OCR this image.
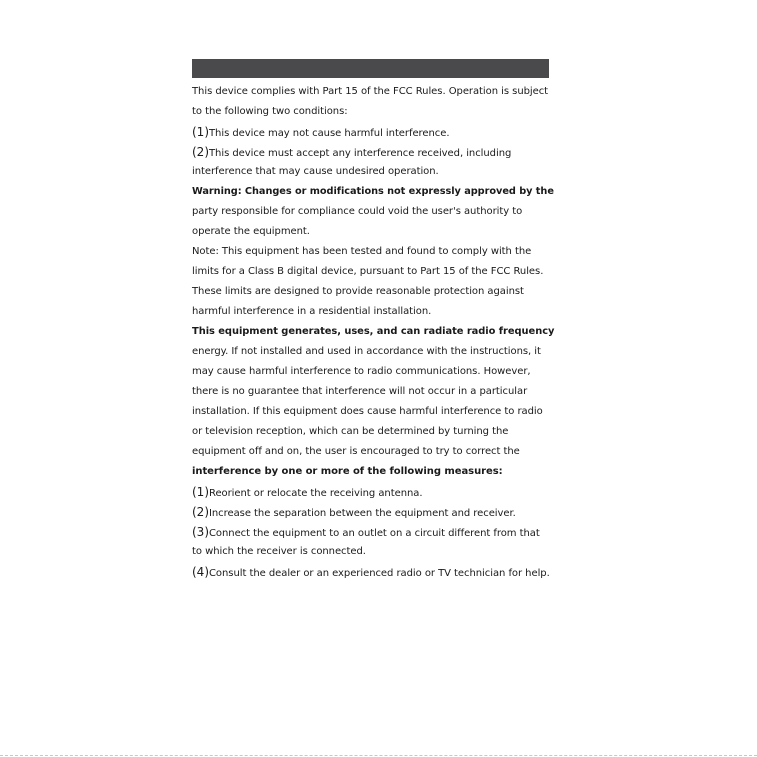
This device complies with Part 15 of the FCC Rules. Operation is subject
to the following two conditions:
(1)This device may not cause harmful interference.
(2)This device must accept any interference received, including
interference that may cause undesired operation.
Warning: Changes or modifications not expressly approved by the
party responsible for compliance could void the user's authority to
operate the equipment.
Note: This equipment has been tested and found to comply with the
limits for a Class B digital device, pursuant to Part 15 of the FCC Rules.
These limits are designed to provide reasonable protection against
harmful interference in a residential installation.
This equipment generates, uses, and can radiate radio frequency
energy. If not installed and used in accordance with the instructions, it
may cause harmful interference to radio communications. However,
there is no guarantee that interference will not occur in a particular
installation. If this equipment does cause harmful interference to radio
or television reception, which can be determined by turning the
equipment off and on, the user is encouraged to try to correct the
interference by one or more of the following measures:
(1)Reorient or relocate the receiving antenna.
(2)Increase the separation between the equipment and receiver.
(3)Connect the equipment to an outlet on a circuit different from that
to which the receiver is connected.
(4)Consult the dealer or an experienced radio or TV technician for help.
